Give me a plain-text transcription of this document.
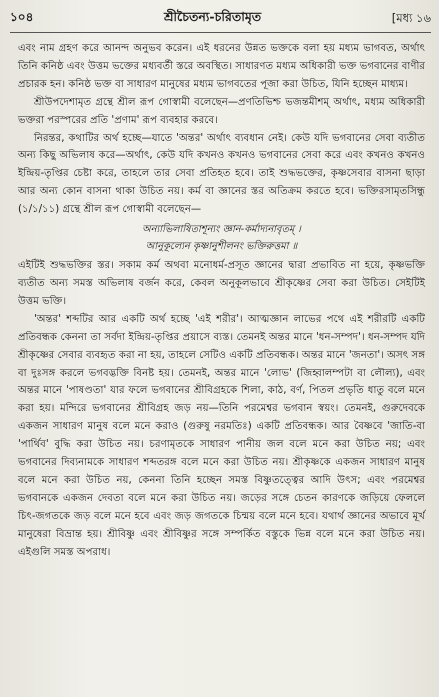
১০৪	শ্রীচৈতন্য-চরিতামৃত	[মধ্য ১৬

এবং নাম গ্রহণ করে আনন্দ অনুভব করেন। এই ধরনের উন্নত ভক্তকে বলা হয় মধ্যম ভাগবত, অর্থাৎ তিনি কনিষ্ঠ এবং উত্তম ভক্তের মধ্যবর্তী স্তরে অবস্থিত। সাধারণত মধ্যম অধিকারী ভক্ত ভগবানের বাণীর প্রচারক হন। কনিষ্ঠ ভক্ত বা সাধারণ মানুষের মধ্যম ভাগবতের পূজা করা উচিত, যিনি হচ্ছেন মাধ্যম।

শ্রীউপদেশামৃত গ্রন্থে শ্রীল রূপ গোস্বামী বলেছেন—প্রণতিভিশ্চ ভজন্তমীশম্‌ অর্থাৎ, মধ্যম অধিকারী ভক্তরা পরস্পরের প্রতি 'প্রণাম' রূপ ব্যবহার করবে।

নিরন্তর, কথাটির অর্থ হচ্ছে—যাতে 'অন্তর' অর্থাৎ ব্যবধান নেই। কেউ যদি ভগবানের সেবা ব্যতীত অন্য কিছু অভিলাষ করে—অর্থাৎ, কেউ যদি কখনও কখনও ভগবানের সেবা করে এবং কখনও কখনও ইন্দ্রিয়-তৃপ্তির চেষ্টা করে, তাহলে তার সেবা প্রতিহত হবে। তাই শুদ্ধভক্তের, কৃষ্ণসেবার বাসনা ছাড়া আর অন্য কোন বাসনা থাকা উচিত নয়। কর্ম বা জ্ঞানের স্তর অতিক্রম করতে হবে। ভক্তিরসামৃতসিন্ধু (১/১/১১) গ্রন্থে শ্রীল রূপ গোস্বামী বলেছেন—

অন্যাভিলাষিতাশূন্যং জ্ঞান-কর্মাদ্যনাবৃতম্‌ ।
আনুকূল্যেন কৃষ্ণানুশীলনং ভক্তিরুত্তমা ॥

এইটিই শুদ্ধভক্তির স্তর। সকাম কর্ম অথবা মনোধর্ম-প্রসূত জ্ঞানের দ্বারা প্রভাবিত না হয়ে, কৃষ্ণভক্তি ব্যতীত অন্য সমস্ত অভিলাষ বর্জন করে, কেবল অনুকূলভাবে শ্রীকৃষ্ণের সেবা করা উচিত। সেইটিই উত্তম ভক্তি।

'অন্তর' শব্দটির আর একটি অর্থ হচ্ছে 'এই শরীর'। আত্মজ্ঞান লাভের পথে এই শরীরটি একটি প্রতিবন্ধক কেননা তা সর্বদা ইন্দ্রিয়-তৃপ্তির প্রয়াসে ব্যস্ত। তেমনই অন্তর মানে 'ধন-সম্পদ'। ধন-সম্পদ যদি শ্রীকৃষ্ণের সেবার ব্যবহৃত করা না হয়, তাহলে সেটিও একটি প্রতিবন্ধক। অন্তর মানে 'জনতা'। অসৎ সঙ্গ বা দুঃসঙ্গ করলে ভগবদ্ভক্তি বিনষ্ট হয়। তেমনই, অন্তর মানে 'লোভ' (জিহ্বালম্পটা বা লৌল্য), এবং অন্তর মানে 'পাষণ্ডতা' যার ফলে ভগবানের শ্রীবিগ্রহকে শিলা, কাঠ, বর্ণ, পিতল প্রভৃতি ধাতু বলে মনে করা হয়। মন্দিরে ভগবানের শ্রীবিগ্রহ জড় নয়—তিনি পরমেশ্বর ভগবান স্বয়ং। তেমনই, গুরুদেবকে একজন সাধারণ মানুষ বলে মনে করাও (গুরুষু নরমতিঃ) একটি প্রতিবন্ধক। আর বৈষ্ণবে 'জাতি-বা 'পার্থিব' বুদ্ধি করা উচিত নয়। চরণামৃতকে সাধারণ পানীয় জল বলে মনে করা উচিত নয়; এবং ভগবানের দিব্যনামকে সাধারণ শব্দতরঙ্গ বলে মনে করা উচিত নয়। শ্রীকৃষ্ণকে একজন সাধারণ মানুষ বলে মনে করা উচিত নয়, কেননা তিনি হচ্ছেন সমস্ত বিষ্ণুতত্ত্বের আদি উৎস; এবং পরমেশ্বর ভগবানকে একজন দেবতা বলে মনে করা উচিত নয়। জড়ের সঙ্গে চেতন কারণকে জড়িয়ে ফেললে চিৎ-জগতকে জড় বলে মনে হবে এবং জড় জগতকে চিন্ময় বলে মনে হবে। যথার্থ জ্ঞানের অভাবে মূর্খ মানুষেরা বিভ্রান্ত হয়। শ্রীবিষ্ণু এবং শ্রীবিষ্ণুর সঙ্গে সম্পর্কিত বস্তুকে ভিন্ন বলে মনে করা উচিত নয়। এইগুলি সমস্ত অপরাধ।
